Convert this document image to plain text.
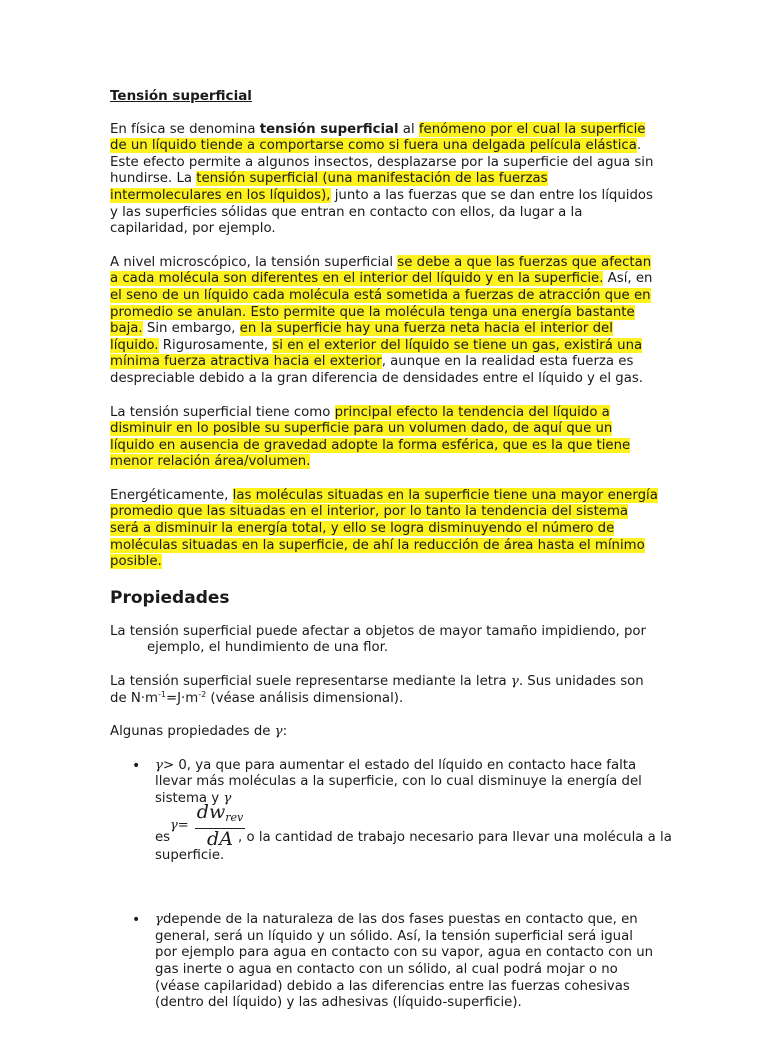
Tensión superficial

En física se denomina tensión superficial al fenómeno por el cual la superficie de un líquido tiende a comportarse como si fuera una delgada película elástica. Este efecto permite a algunos insectos, desplazarse por la superficie del agua sin hundirse. La tensión superficial (una manifestación de las fuerzas intermoleculares en los líquidos), junto a las fuerzas que se dan entre los líquidos y las superficies sólidas que entran en contacto con ellos, da lugar a la capilaridad, por ejemplo.

A nivel microscópico, la tensión superficial se debe a que las fuerzas que afectan a cada molécula son diferentes en el interior del líquido y en la superficie. Así, en el seno de un líquido cada molécula está sometida a fuerzas de atracción que en promedio se anulan. Esto permite que la molécula tenga una energía bastante baja. Sin embargo, en la superficie hay una fuerza neta hacia el interior del líquido. Rigurosamente, si en el exterior del líquido se tiene un gas, existirá una mínima fuerza atractiva hacia el exterior, aunque en la realidad esta fuerza es despreciable debido a la gran diferencia de densidades entre el líquido y el gas.

La tensión superficial tiene como principal efecto la tendencia del líquido a disminuir en lo posible su superficie para un volumen dado, de aquí que un líquido en ausencia de gravedad adopte la forma esférica, que es la que tiene menor relación área/volumen.

Energéticamente, las moléculas situadas en la superficie tiene una mayor energía promedio que las situadas en el interior, por lo tanto la tendencia del sistema será a disminuir la energía total, y ello se logra disminuyendo el número de moléculas situadas en la superficie, de ahí la reducción de área hasta el mínimo posible.

Propiedades

La tensión superficial puede afectar a objetos de mayor tamaño impidiendo, por
ejemplo, el hundimiento de una flor.

La tensión superficial suele representarse mediante la letra γ. Sus unidades son de $N\cdot m^{-1}=J\cdot m^{-2}$ (véase análisis dimensional).

Algunas propiedades de γ:

• γ> 0, ya que para aumentar el estado del líquido en contacto hace falta llevar más moléculas a la superficie, con lo cual disminuye la energía del sistema y γ
es
γ=
$dw_{rev}$
dA , o la cantidad de trabajo necesario para llevar una molécula a la
superficie.
• γdepende de la naturaleza de las dos fases puestas en contacto que, en general, será un líquido y un sólido. Así, la tensión superficial será igual por ejemplo para agua en contacto con su vapor, agua en contacto con un gas inerte o agua en contacto con un sólido, al cual podrá mojar o no (véase capilaridad) debido a las diferencias entre las fuerzas cohesivas (dentro del líquido) y las adhesivas (líquido-superficie).
